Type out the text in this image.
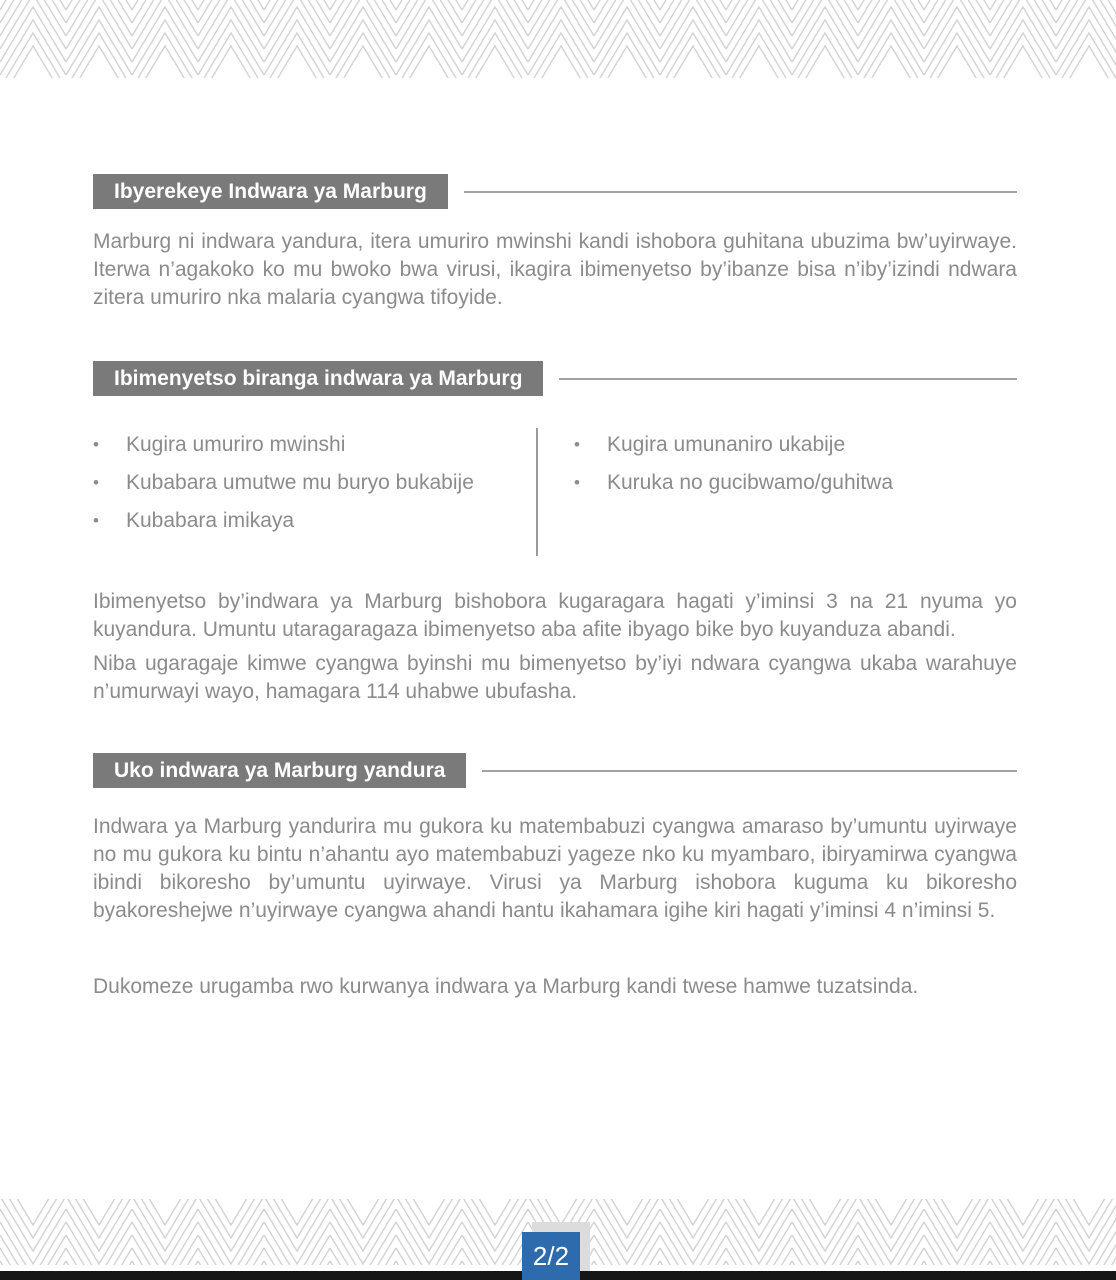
Ibyerekeye Indwara ya Marburg

Marburg ni indwara yandura, itera umuriro mwinshi kandi ishobora guhitana ubuzima bw’uyirwaye. Iterwa n’agakoko ko mu bwoko bwa virusi, ikagira ibimenyetso by’ibanze bisa n’iby’izindi ndwara zitera umuriro nka malaria cyangwa tifoyide.

Ibimenyetso biranga indwara ya Marburg
•	Kugira umuriro mwinshi
•	Kubabara umutwe mu buryo bukabije
•	Kubabara imikaya
•	Kugira umunaniro ukabije
•	Kuruka no gucibwamo/guhitwa

Ibimenyetso by’indwara ya Marburg bishobora kugaragara hagati y’iminsi 3 na 21 nyuma yo kuyandura. Umuntu utaragaragaza ibimenyetso aba afite ibyago bike byo kuyanduza abandi.

Niba ugaragaje kimwe cyangwa byinshi mu bimenyetso by’iyi ndwara cyangwa ukaba warahuye n’umurwayi wayo, hamagara 114 uhabwe ubufasha.

Uko indwara ya Marburg yandura

Indwara ya Marburg yandurira mu gukora ku matembabuzi cyangwa amaraso by’umuntu uyirwaye no mu gukora ku bintu n’ahantu ayo matembabuzi yageze nko ku myambaro, ibiryamirwa cyangwa ibindi bikoresho by’umuntu uyirwaye. Virusi ya Marburg ishobora kuguma ku bikoresho byakoreshejwe n’uyirwaye cyangwa ahandi hantu ikahamara igihe kiri hagati y’iminsi 4 n’iminsi 5.

Dukomeze urugamba rwo kurwanya indwara ya Marburg kandi twese hamwe tuzatsinda.

2/2
